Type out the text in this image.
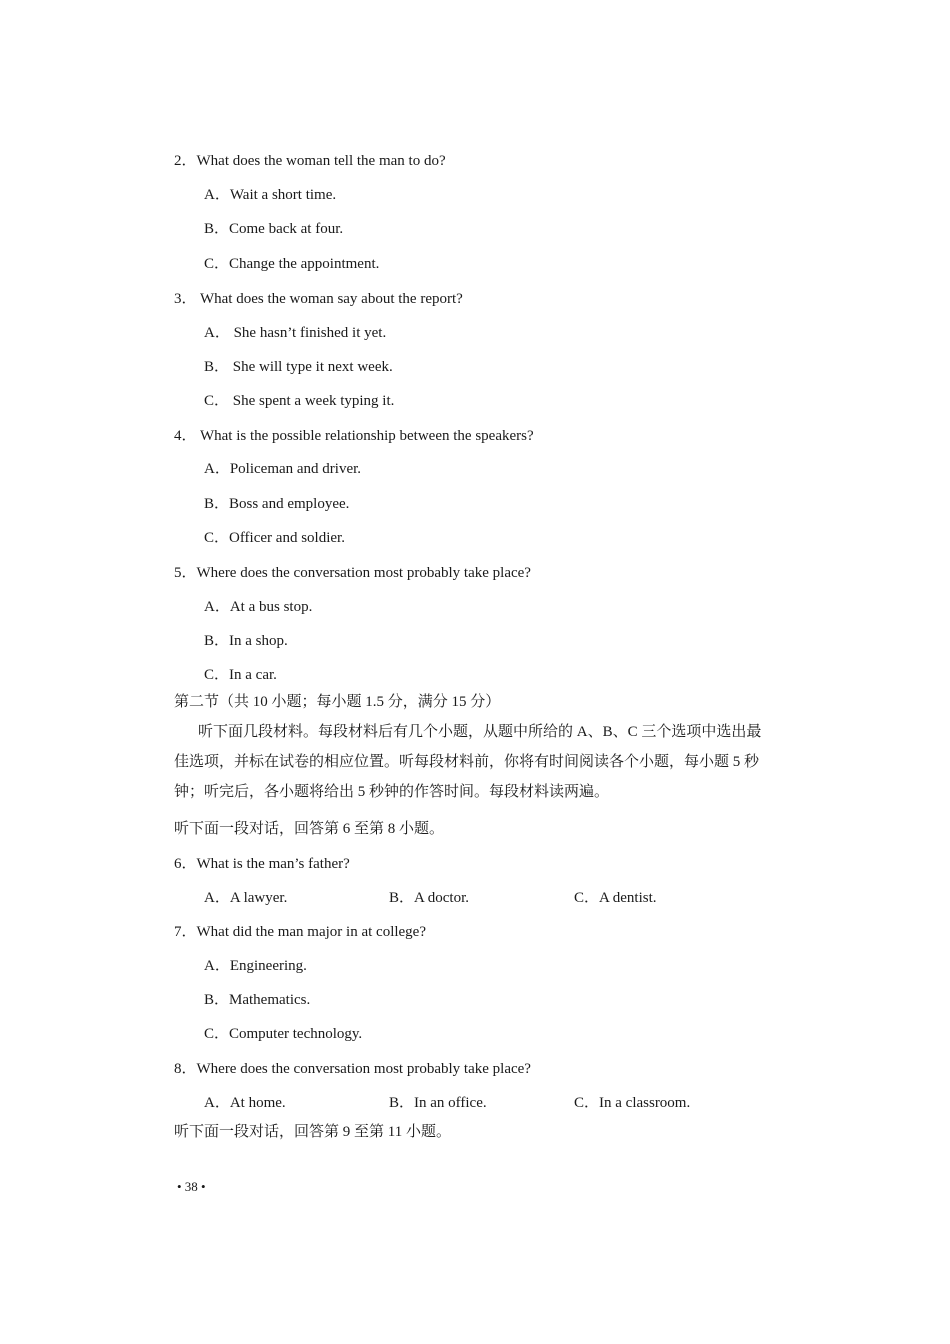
2．What does the woman tell the man to do?
A．Wait a short time.
B．Come back at four.
C．Change the appointment.
3． What does the woman say about the report?
A． She hasn’t finished it yet.
B． She will type it next week.
C． She spent a week typing it.
4． What is the possible relationship between the speakers?
A．Policeman and driver.
B．Boss and employee.
C．Officer and soldier.
5．Where does the conversation most probably take place?
A．At a bus stop.
B．In a shop.
C．In a car.
第二节（共 10 小题；每小题 1.5 分，满分 15 分）
听下面几段材料。每段材料后有几个小题，从题中所给的 A、B、C 三个选项中选出最
佳选项，并标在试卷的相应位置。听每段材料前，你将有时间阅读各个小题，每小题 5 秒
钟；听完后，各小题将给出 5 秒钟的作答时间。每段材料读两遍。
听下面一段对话，回答第 6 至第 8 小题。
6．What is the man’s father?
A．A lawyer.	B．A doctor.	C．A dentist.
7．What did the man major in at college?
A．Engineering.
B．Mathematics.
C．Computer technology.
8．Where does the conversation most probably take place?
A．At home.	B．In an office.	C．In a classroom.
听下面一段对话，回答第 9 至第 11 小题。
• 38 •
